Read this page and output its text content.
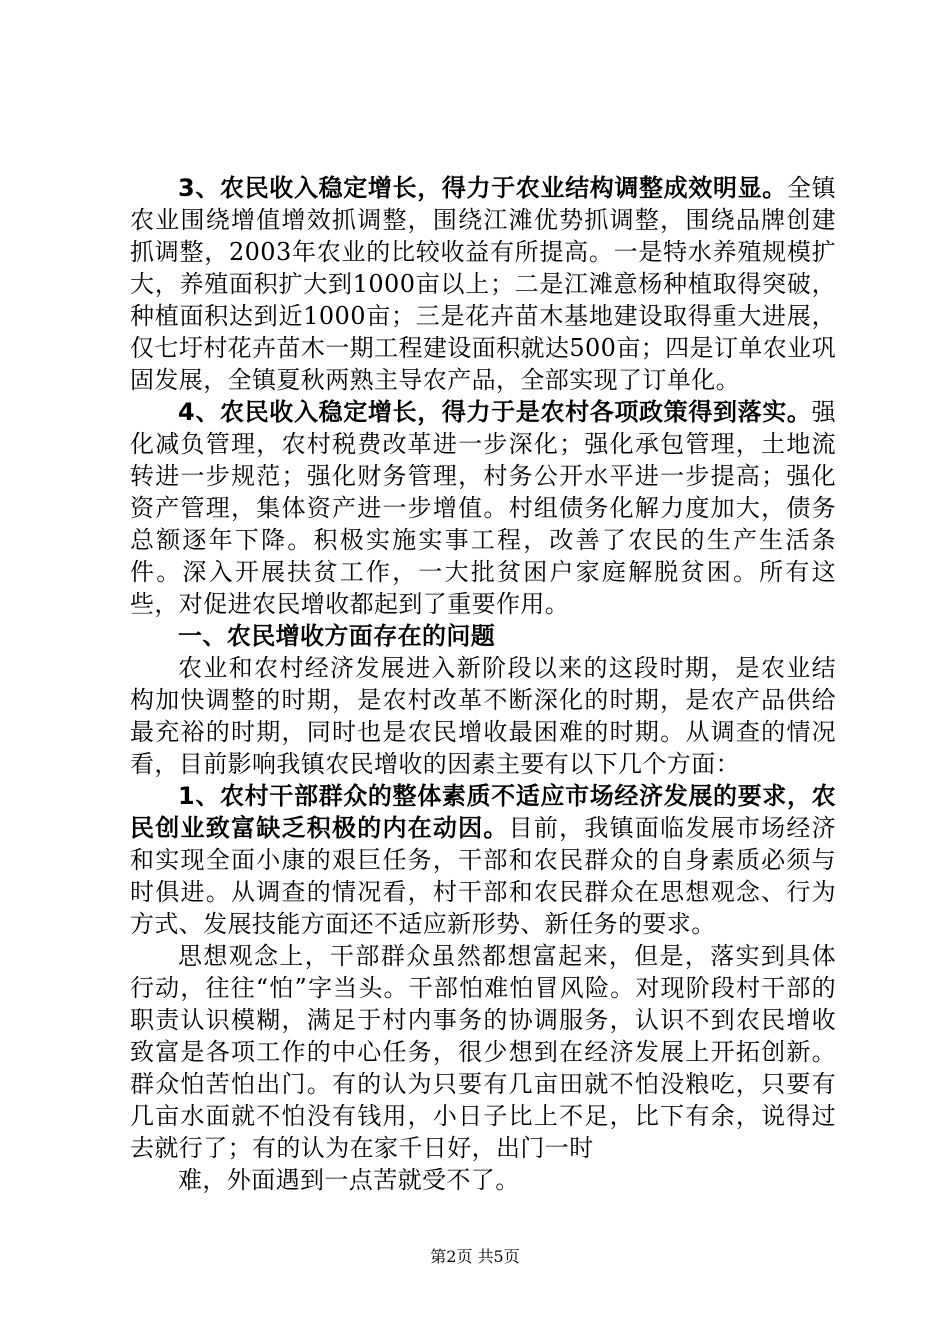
3、农民收入稳定增长，得力于农业结构调整成效明显。全镇农业围绕增值增效抓调整，围绕江滩优势抓调整，围绕品牌创建抓调整，2003年农业的比较收益有所提高。一是特水养殖规模扩大，养殖面积扩大到1000亩以上；二是江滩意杨种植取得突破，种植面积达到近1000亩；三是花卉苗木基地建设取得重大进展，仅七圩村花卉苗木一期工程建设面积就达500亩；四是订单农业巩固发展，全镇夏秋两熟主导农产品，全部实现了订单化。

4、农民收入稳定增长，得力于是农村各项政策得到落实。强化减负管理，农村税费改革进一步深化；强化承包管理，土地流转进一步规范；强化财务管理，村务公开水平进一步提高；强化资产管理，集体资产进一步增值。村组债务化解力度加大，债务总额逐年下降。积极实施实事工程，改善了农民的生产生活条件。深入开展扶贫工作，一大批贫困户家庭解脱贫困。所有这些，对促进农民增收都起到了重要作用。

一、农民增收方面存在的问题

农业和农村经济发展进入新阶段以来的这段时期，是农业结构加快调整的时期，是农村改革不断深化的时期，是农产品供给最充裕的时期，同时也是农民增收最困难的时期。从调查的情况看，目前影响我镇农民增收的因素主要有以下几个方面：

1、农村干部群众的整体素质不适应市场经济发展的要求，农民创业致富缺乏积极的内在动因。目前，我镇面临发展市场经济和实现全面小康的艰巨任务，干部和农民群众的自身素质必须与时俱进。从调查的情况看，村干部和农民群众在思想观念、行为方式、发展技能方面还不适应新形势、新任务的要求。

思想观念上，干部群众虽然都想富起来，但是，落实到具体行动，往往“怕”字当头。干部怕难怕冒风险。对现阶段村干部的职责认识模糊，满足于村内事务的协调服务，认识不到农民增收致富是各项工作的中心任务，很少想到在经济发展上开拓创新。群众怕苦怕出门。有的认为只要有几亩田就不怕没粮吃，只要有几亩水面就不怕没有钱用，小日子比上不足，比下有余，说得过去就行了；有的认为在家千日好，出门一时

难，外面遇到一点苦就受不了。

第2页 共5页
